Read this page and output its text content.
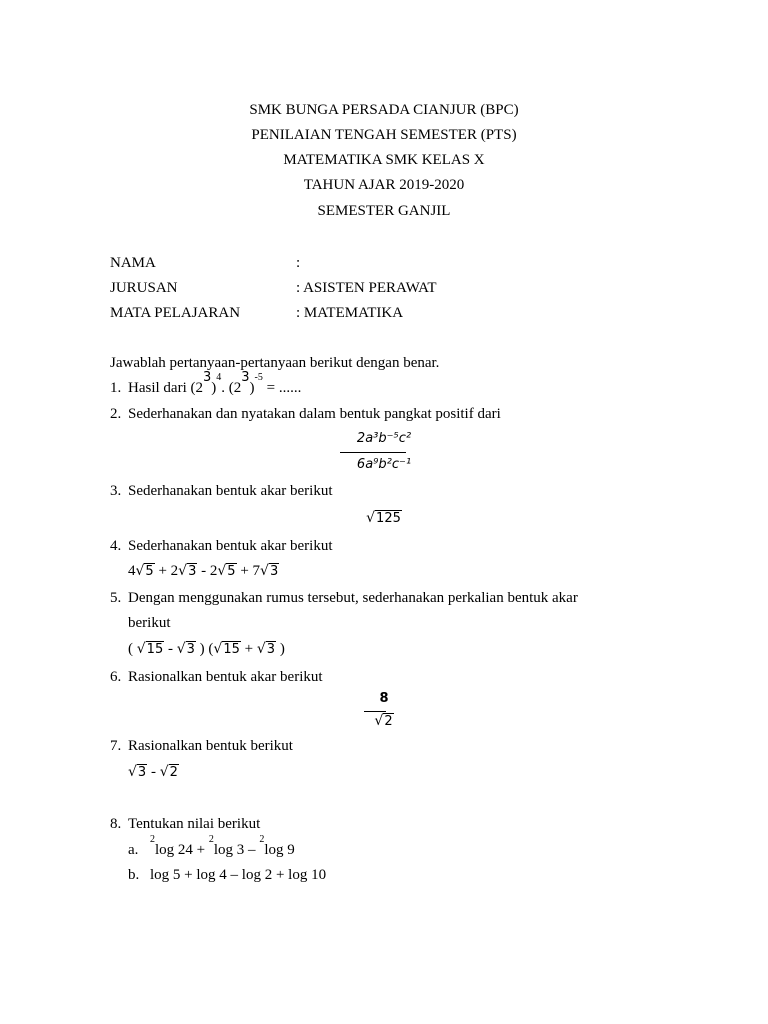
SMK BUNGA PERSADA CIANJUR (BPC)
PENILAIAN TENGAH SEMESTER (PTS)
MATEMATIKA SMK KELAS X
TAHUN AJAR 2019-2020
SEMESTER GANJIL
NAMA	:
JURUSAN	: ASISTEN PERAWAT
MATA PELAJARAN	: MATEMATIKA
Jawablah pertanyaan-pertanyaan berikut dengan benar.
1. Hasil dari $(2^3)^4$. $(2^3)^{-5}$ = ......
2. Sederhanakan dan nyatakan dalam bentuk pangkat positif dari
2a³b⁻⁵c²
6a⁹b²c⁻¹
3. Sederhanakan bentuk akar berikut
√125
4. Sederhanakan bentuk akar berikut
4√5 + 2√3 - 2√5 + 7√3
5. Dengan menggunakan rumus tersebut, sederhanakan perkalian bentuk akar
berikut
( √15 - √3 ) (√15 + √3 )
6. Rasionalkan bentuk akar berikut
8
√2
7. Rasionalkan bentuk berikut
√3 - √2
8. Tentukan nilai berikut
a.
$^2$log 24 + $^2$log 3 – $^2$log 9
b. log 5 + log 4 – log 2 + log 10
